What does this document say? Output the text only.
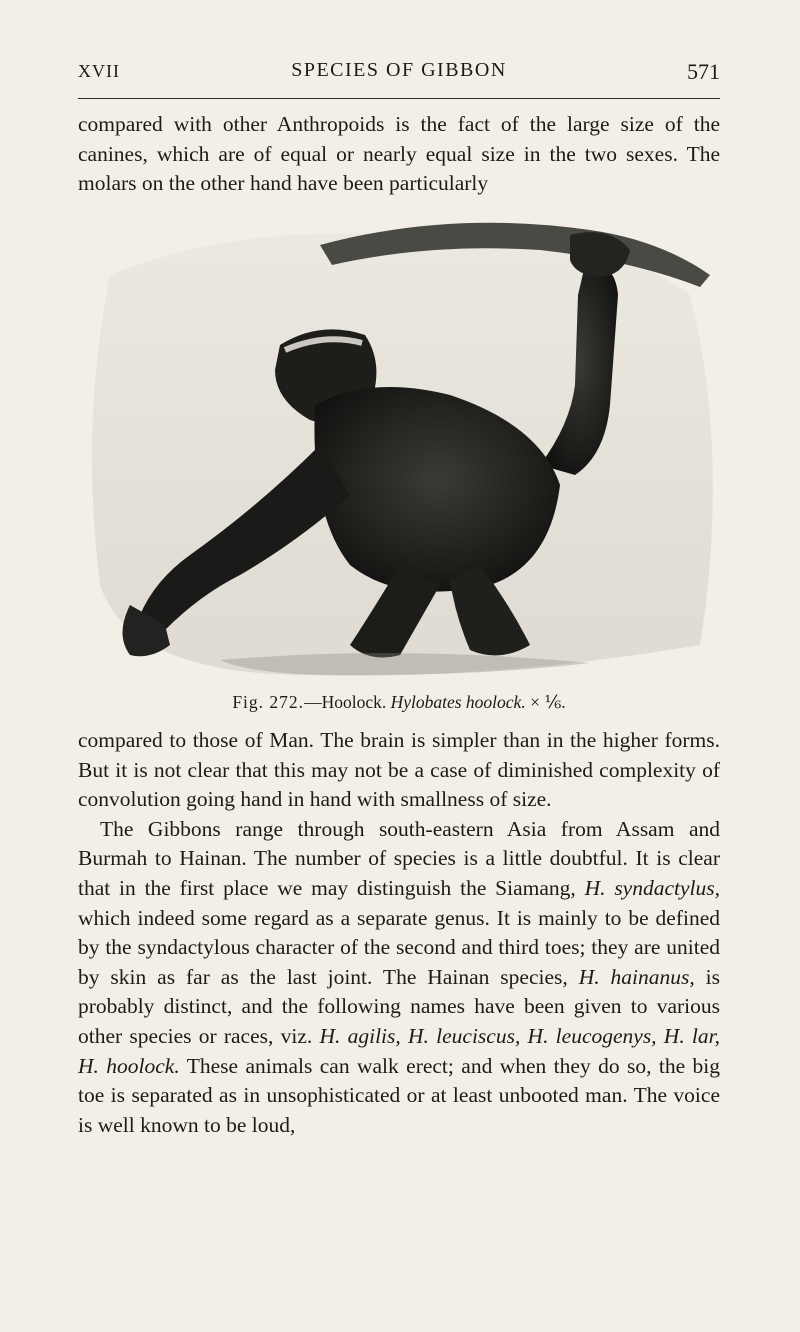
XVII	SPECIES OF GIBBON	571

compared with other Anthropoids is the fact of the large size of the canines, which are of equal or nearly equal size in the two sexes. The molars on the other hand have been particularly

Fig. 272.—Hoolock. Hylobates hoolock. × ⅙.

compared to those of Man. The brain is simpler than in the higher forms. But it is not clear that this may not be a case of diminished complexity of convolution going hand in hand with smallness of size.

The Gibbons range through south-eastern Asia from Assam and Burmah to Hainan. The number of species is a little doubtful. It is clear that in the first place we may distinguish the Siamang, H. syndactylus, which indeed some regard as a separate genus. It is mainly to be defined by the syndactylous character of the second and third toes; they are united by skin as far as the last joint. The Hainan species, H. hainanus, is probably distinct, and the following names have been given to various other species or races, viz. H. agilis, H. leuciscus, H. leucogenys, H. lar, H. hoolock. These animals can walk erect; and when they do so, the big toe is separated as in unsophisticated or at least unbooted man. The voice is well known to be loud,
